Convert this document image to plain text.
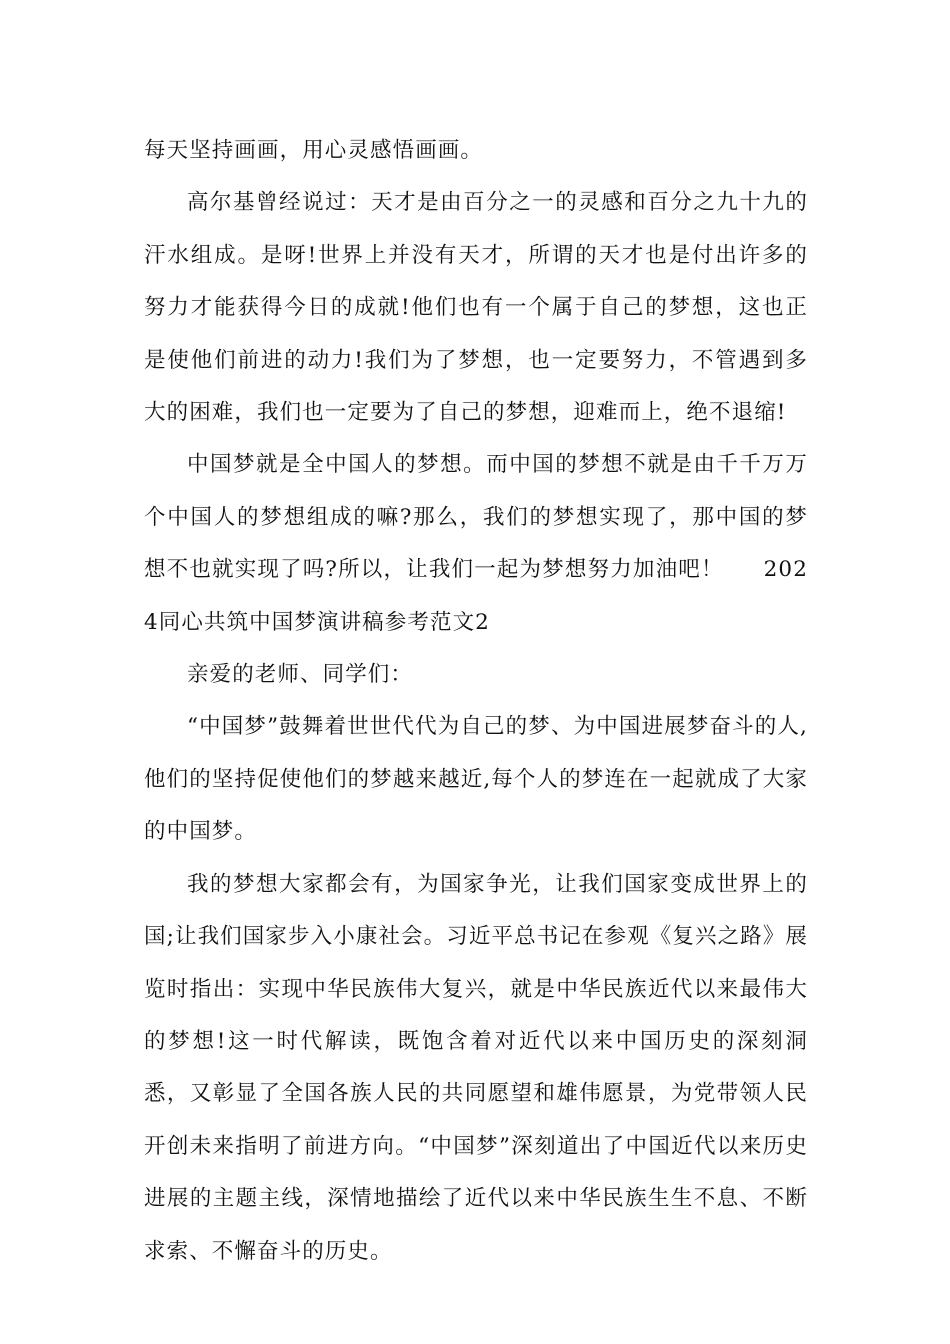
每天坚持画画，用心灵感悟画画。

高尔基曾经说过：天才是由百分之一的灵感和百分之九十九的汗水组成。是呀!世界上并没有天才，所谓的天才也是付出许多的努力才能获得今日的成就!他们也有一个属于自己的梦想，这也正是使他们前进的动力!我们为了梦想，也一定要努力，不管遇到多大的困难，我们也一定要为了自己的梦想，迎难而上，绝不退缩!

中国梦就是全中国人的梦想。而中国的梦想不就是由千千万万个中国人的梦想组成的嘛?那么，我们的梦想实现了，那中国的梦想不也就实现了吗?所以，让我们一起为梦想努力加油吧！ 2024同心共筑中国梦演讲稿参考范文2

亲爱的老师、同学们：

“中国梦”鼓舞着世世代代为自己的梦、为中国进展梦奋斗的人,他们的坚持促使他们的梦越来越近,每个人的梦连在一起就成了大家的中国梦。

我的梦想大家都会有，为国家争光，让我们国家变成世界上的国;让我们国家步入小康社会。习近平总书记在参观《复兴之路》展览时指出：实现中华民族伟大复兴，就是中华民族近代以来最伟大的梦想!这一时代解读，既饱含着对近代以来中国历史的深刻洞悉，又彰显了全国各族人民的共同愿望和雄伟愿景，为党带领人民开创未来指明了前进方向。“中国梦”深刻道出了中国近代以来历史进展的主题主线，深情地描绘了近代以来中华民族生生不息、不断求索、不懈奋斗的历史。
